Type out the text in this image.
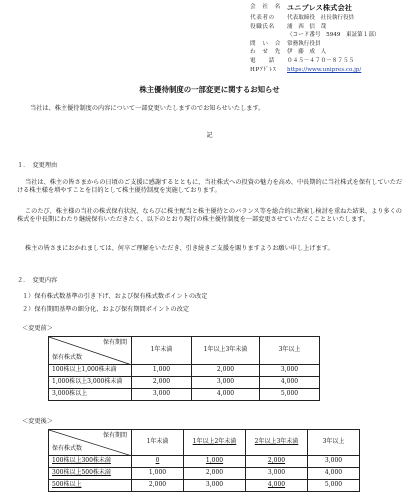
会　社　名 ユニプレス株式会社
代表者の	代表取締役　社長執行役員
役職氏名	浦　西　信　哉
（コード番号　5949　東証第１部）
問　い　合	常務執行役員
わ　せ　先	伊　藤　成　人
電　　話	０４５－４７０－８７５５
HPｱﾄﾞﾚｽ	https://www.unipres.co.jp/
株主優待制度の一部変更に関するお知らせ
当社は、株主優待制度の内容について一部変更いたしますのでお知らせいたします。
記
１．　変更理由
当社は、株主の皆さまからの日頃のご支援に感謝するとともに、当社株式への投資の魅力を高め、中長期的に当社株式を保有していただける株主様を増やすことを目的として株主優待制度を実施しております。
このたび、株主様の当社の株式保有状況、ならびに株主配当と株主優待とのバランス等を総合的に勘案し検討を重ねた結果、より多くの株式を中長期にわたり継続保有いただきたく、以下のとおり現行の株主優待制度を一部変更させていただくことといたします。
株主の皆さまにおかれましては、何卒ご理解をいただき、引き続きご支援を賜りますようお願い申し上げます。
２．　変更内容
１）保有株式数基準の引き下げ、および保有株式数ポイントの改定
２）保有期間基準の細分化、および保有期間ポイントの改定
＜変更前＞
保有期間
保有株式数	1年未満	1年以上3年未満	3年以上
100株以上1,000株未満	1,000	2,000	3,000
1,000株以上3,000株未満	2,000	3,000	4,000
3,000株以上	3,000	4,000	5,000
＜変更後＞
保有期間
保有株式数	1年未満	1年以上2年未満	2年以上3年未満	3年以上
100株以上300株未満	0	1,000	2,000	3,000
300株以上500株未満	1,000	2,000	3,000	4,000
500株以上	2,000	3,000	4,000	5,000
